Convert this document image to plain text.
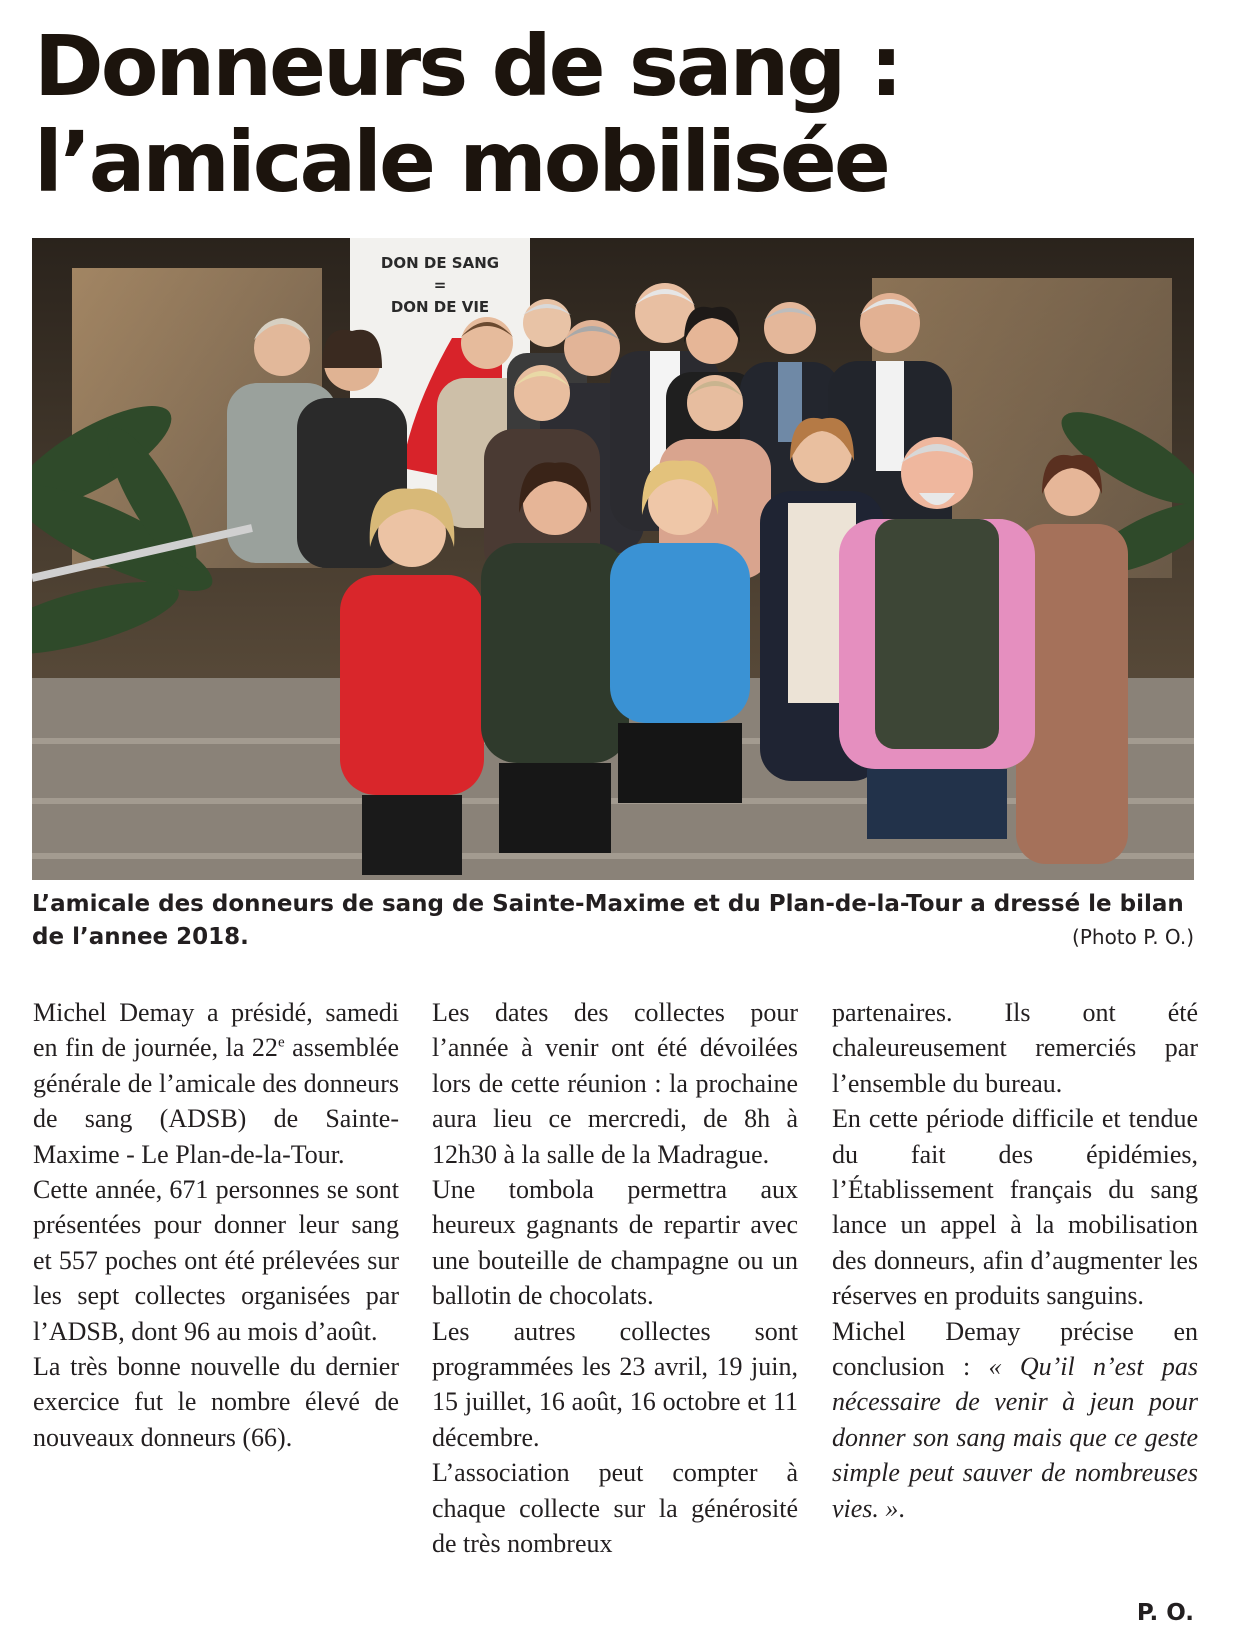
Donneurs de sang :
l’amicale mobilisée
DON DE SANG
=
DON DE VIE
L’amicale des donneurs de sang de Sainte-Maxime et du Plan-de-la-Tour a dressé le bilan de l’annee 2018.	(Photo P. O.)

Michel Demay a présidé, samedi en fin de journée, la 22e assemblée générale de l’amicale des donneurs de sang (ADSB) de Sainte-Maxime - Le Plan-de-la-Tour.

Cette année, 671 personnes se sont présentées pour donner leur sang et 557 poches ont été prélevées sur les sept collectes organisées par l’ADSB, dont 96 au mois d’août.

La très bonne nouvelle du dernier exercice fut le nombre élevé de nouveaux donneurs (66).

Les dates des collectes pour l’année à venir ont été dévoilées lors de cette réunion : la prochaine aura lieu ce mercredi, de 8h à 12h30 à la salle de la Madrague.

Une tombola permettra aux heureux gagnants de repartir avec une bouteille de champagne ou un ballotin de chocolats.

Les autres collectes sont programmées les 23 avril, 19 juin, 15 juillet, 16 août, 16 octobre et 11 décembre.

L’association peut compter à chaque collecte sur la générosité de très nombreux

partenaires. Ils ont été chaleureusement remerciés par l’ensemble du bureau.

En cette période difficile et tendue du fait des épidémies, l’Établissement français du sang lance un appel à la mobilisation des donneurs, afin d’augmenter les réserves en produits sanguins.

Michel Demay précise en conclusion : « Qu’il n’est pas nécessaire de venir à jeun pour donner son sang mais que ce geste simple peut sauver de nombreuses vies. ».

P. O.
